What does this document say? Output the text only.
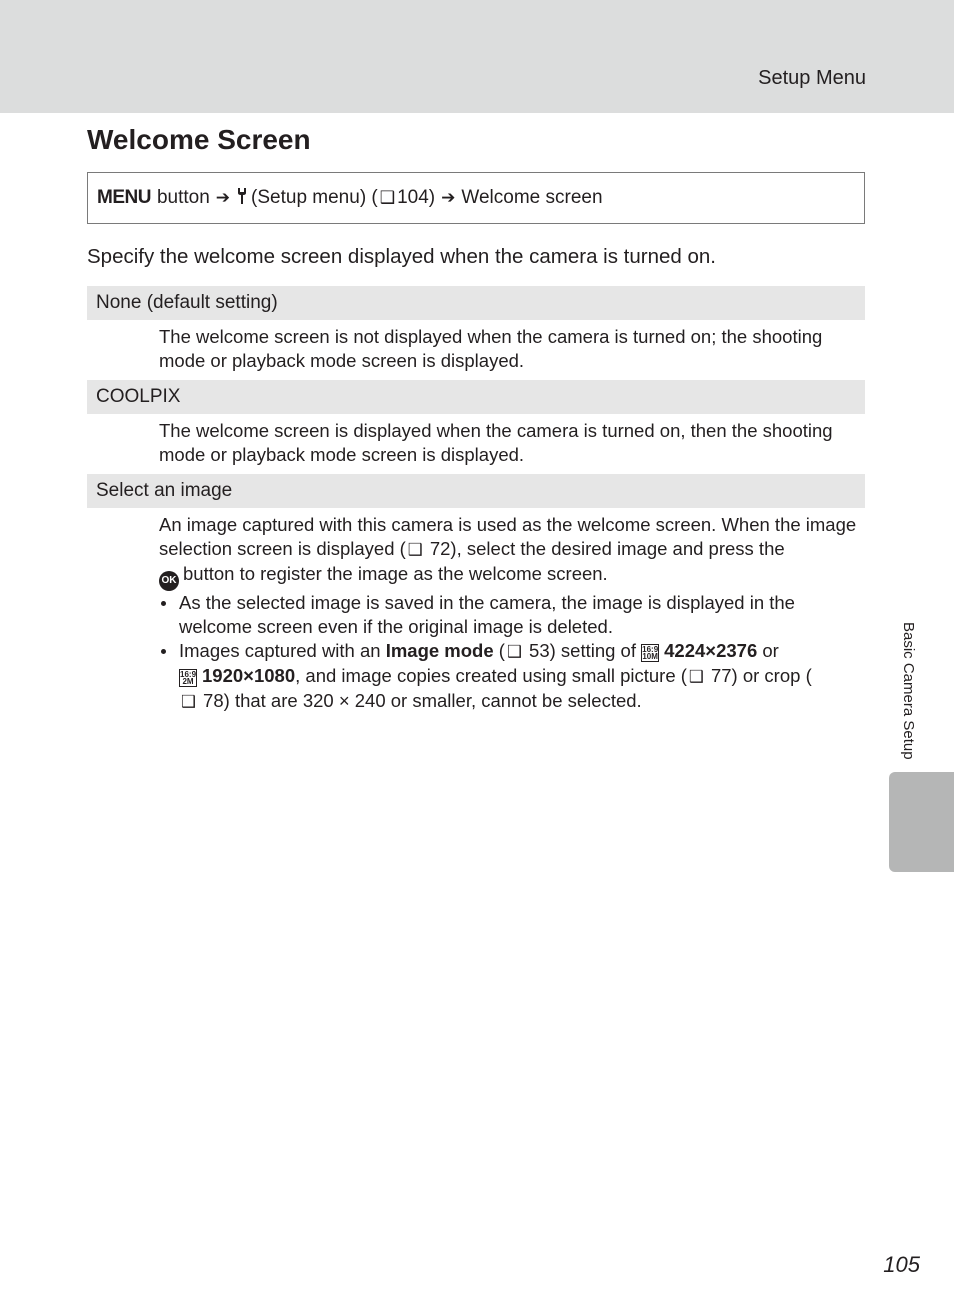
Setup Menu
Welcome Screen
MENU button ➔ (Setup menu) ( ❑ 104) ➔ Welcome screen
Specify the welcome screen displayed when the camera is turned on.
None (default setting)

The welcome screen is not displayed when the camera is turned on; the shooting mode or playback mode screen is displayed.

COOLPIX

The welcome screen is displayed when the camera is turned on, then the shooting mode or playback mode screen is displayed.

Select an image

An image captured with this camera is used as the welcome screen. When the image selection screen is displayed ( ❑ 72), select the desired image and press the
OK button to register the image as the welcome screen.

As the selected image is saved in the camera, the image is displayed in the welcome screen even if the original image is deleted.
Images captured with an Image mode ( ❑ 53) setting of 16:9 10M 4224×2376 or
16:9 2M 1920×1080, and image copies created using small picture ( ❑ 77) or crop (
❑ 78) that are 320 × 240 or smaller, cannot be selected.	Basic Camera Setup
105
